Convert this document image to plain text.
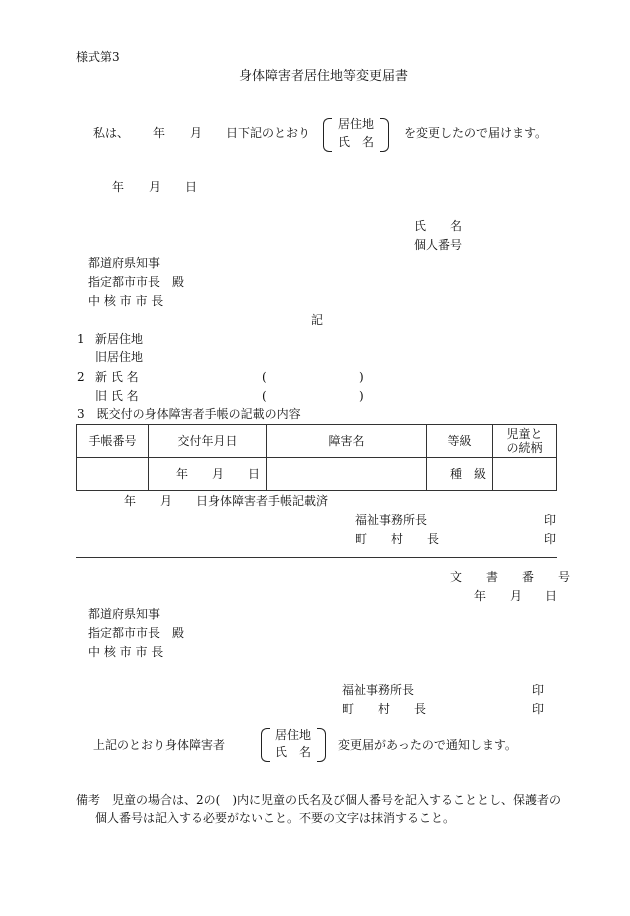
様式第3
身体障害者居住地等変更届書
私は、 年 月 日下記のとおり
居住地
氏　名
を変更したので届けます。
年 月 日
氏　　名
個人番号
都道府県知事
指定都市市長　殿
中 核 市 市 長
記
1 新居住地
旧居住地
2 新 氏 名	(	)
旧 氏 名	(	)
3　既交付の身体障害者手帳の記載の内容
手帳番号	交付年月日	障害名	等級	児童との続柄
	年　　月　　日		種　級	
年 月 日身体障害者手帳記載済
福祉事務所長	印
町　　村　　長	印
文　　書　　番　　号
年 月 日
都道府県知事
指定都市市長　殿
中 核 市 市 長
福祉事務所長	印
町　　村　　長	印
上記のとおり身体障害者
居住地
氏　名 変更届があったので通知します。
備考 児童の場合は、2の(　)内に児童の氏名及び個人番号を記入することとし、保護者の
個人番号は記入する必要がないこと。不要の文字は抹消すること。
